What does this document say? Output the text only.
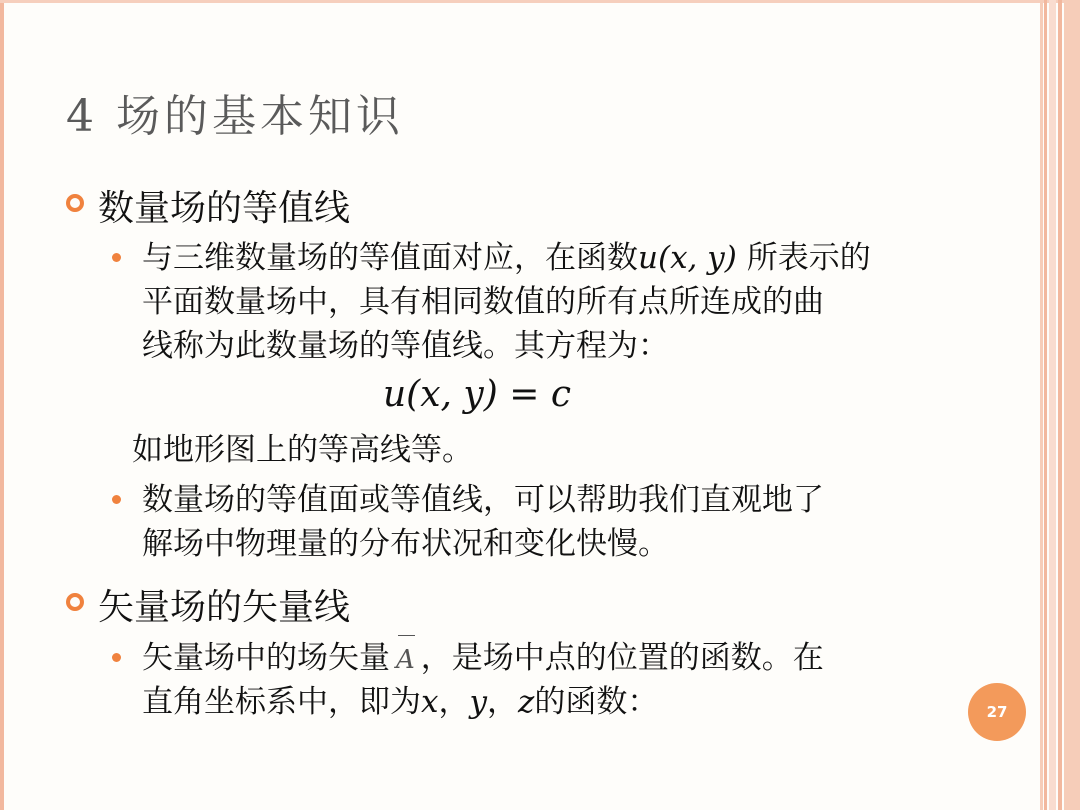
4 场的基本知识
数量场的等值线
与三维数量场的等值面对应，在函数u(x, y) 所表示的
平面数量场中，具有相同数值的所有点所连成的曲
线称为此数量场的等值线。其方程为：
u(x, y) = c
如地形图上的等高线等。
数量场的等值面或等值线，可以帮助我们直观地了
解场中物理量的分布状况和变化快慢。
矢量场的矢量线
矢量场中的场矢量 A ，是场中点的位置的函数。在
直角坐标系中，即为x，y，z的函数：	27
